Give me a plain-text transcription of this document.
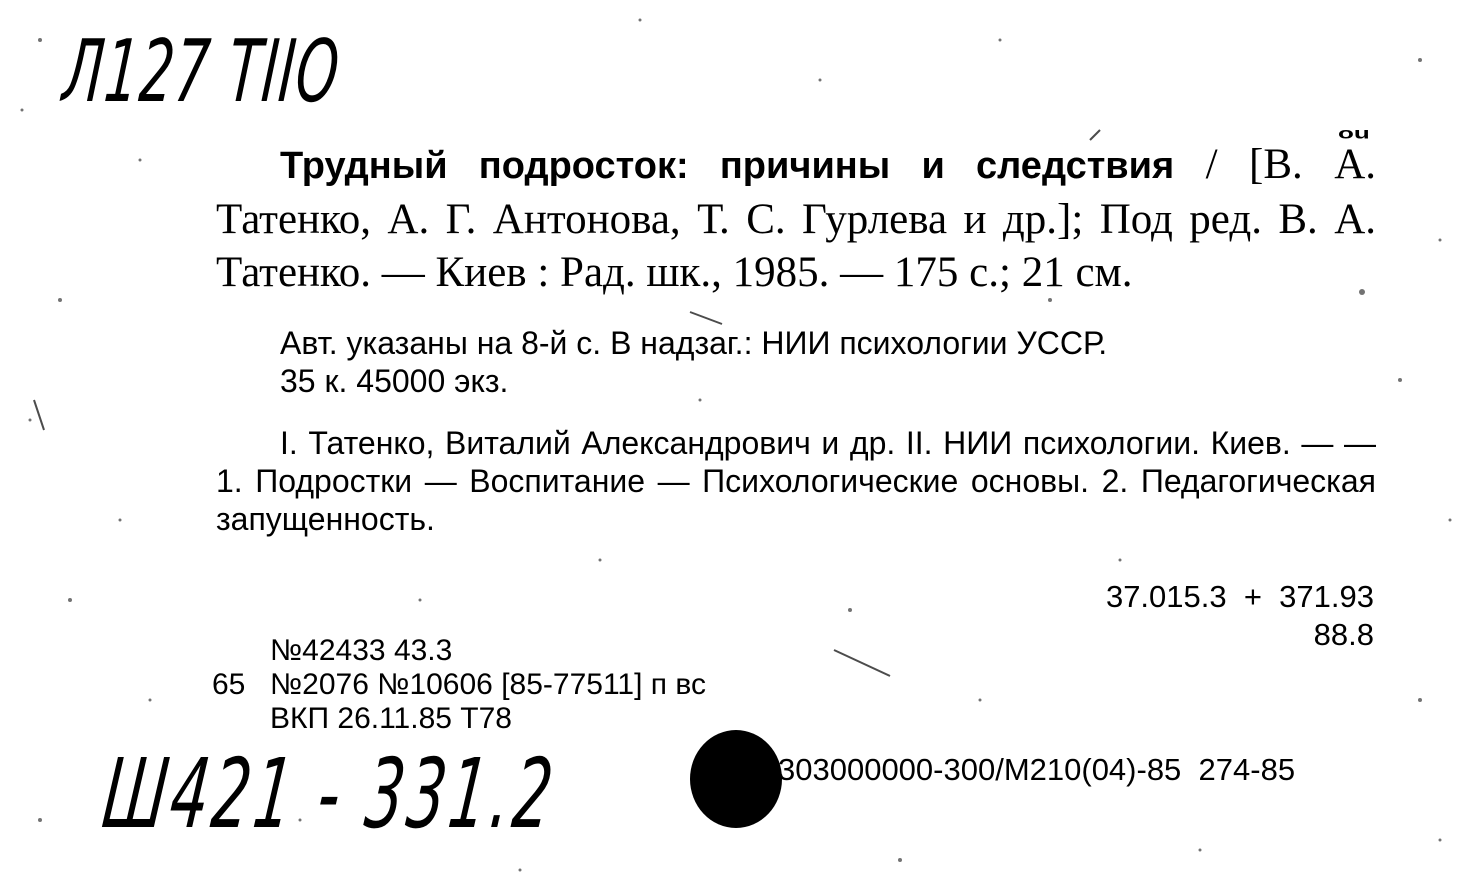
Л127 ТIIО
ou
Трудный подросток: причины и следствия / [В. А. Татенко, А. Г. Антонова, Т. С. Гурлева и др.]; Под ред. В. А. Татенко. — Киев : Рад. шк., 1985. — 175 с.; 21 см.
Авт. указаны на 8-й с. В надзаг.: НИИ психологии УССР.
35 к. 45000 экз.
I. Татенко, Виталий Александрович и др. II. НИИ психологии. Киев. — — 1. Подростки — Воспитание — Психологические основы. 2. Педагогическая запущенность.
37.015.3  +  371.93
88.8
№42433 43.3
65 №2076 №10606 [85-77511] п вс
ВКП 26.11.85 Т78
303000000-300/М210(04)-85  274-85
Ш421 - 331.2
